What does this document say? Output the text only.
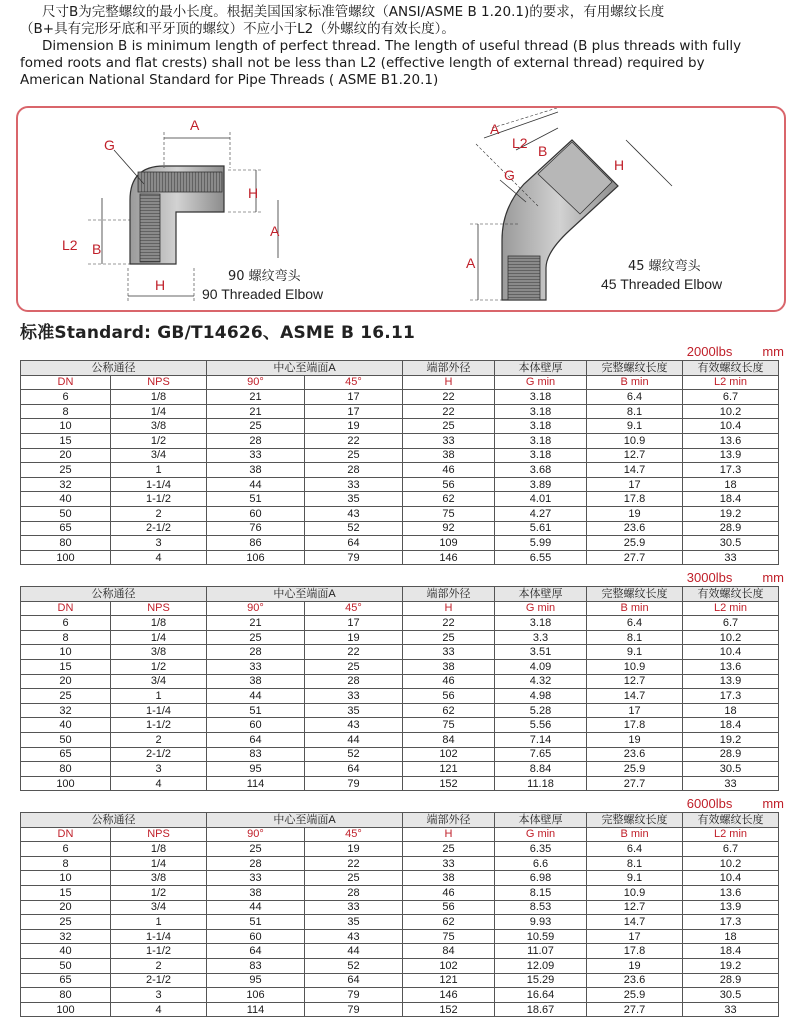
尺寸B为完整螺纹的最小长度。根据美国国家标准管螺纹（ANSI/ASME B 1.20.1)的要求，有用螺纹长度

（B+具有完形牙底和平牙顶的螺纹）不应小于L2（外螺纹的有效长度）。

Dimension B is minimum length of perfect thread. The length of useful thread (B plus threads with fully

fomed roots and flat crests) shall not be less than L2 (effective length of external thread) required by

American National Standard for Pipe Threads ( ASME B1.20.1)

A
G
H
A
L2 B
H
90 螺纹弯头
90 Threaded Elbow
A
L2 B
G
H
A	45 螺纹弯头
45 Threaded Elbow
标准Standard: GB/T14626、ASME B 16.11
2000lbs mm
公称通径		中心至端面A		端部外径	本体壁厚	完整螺纹长度	有效螺纹长度
DN	NPS	90°	45°	H	G min	B min	L2 min
6	1/8	21	17	22	3.18	6.4	6.7
8	1/4	21	17	22	3.18	8.1	10.2
10	3/8	25	19	25	3.18	9.1	10.4
15	1/2	28	22	33	3.18	10.9	13.6
20	3/4	33	25	38	3.18	12.7	13.9
25	1	38	28	46	3.68	14.7	17.3
32	1-1/4	44	33	56	3.89	17	18
40	1-1/2	51	35	62	4.01	17.8	18.4
50	2	60	43	75	4.27	19	19.2
65	2-1/2	76	52	92	5.61	23.6	28.9
80	3	86	64	109	5.99	25.9	30.5
100	4	106	79	146	6.55	27.7	33
3000lbs mm
公称通径		中心至端面A		端部外径	本体壁厚	完整螺纹长度	有效螺纹长度
DN	NPS	90°	45°	H	G min	B min	L2 min
6	1/8	21	17	22	3.18	6.4	6.7
8	1/4	25	19	25	3.3	8.1	10.2
10	3/8	28	22	33	3.51	9.1	10.4
15	1/2	33	25	38	4.09	10.9	13.6
20	3/4	38	28	46	4.32	12.7	13.9
25	1	44	33	56	4.98	14.7	17.3
32	1-1/4	51	35	62	5.28	17	18
40	1-1/2	60	43	75	5.56	17.8	18.4
50	2	64	44	84	7.14	19	19.2
65	2-1/2	83	52	102	7.65	23.6	28.9
80	3	95	64	121	8.84	25.9	30.5
100	4	114	79	152	11.18	27.7	33
6000lbs mm
公称通径		中心至端面A		端部外径	本体壁厚	完整螺纹长度	有效螺纹长度
DN	NPS	90°	45°	H	G min	B min	L2 min
6	1/8	25	19	25	6.35	6.4	6.7
8	1/4	28	22	33	6.6	8.1	10.2
10	3/8	33	25	38	6.98	9.1	10.4
15	1/2	38	28	46	8.15	10.9	13.6
20	3/4	44	33	56	8.53	12.7	13.9
25	1	51	35	62	9.93	14.7	17.3
32	1-1/4	60	43	75	10.59	17	18
40	1-1/2	64	44	84	11.07	17.8	18.4
50	2	83	52	102	12.09	19	19.2
65	2-1/2	95	64	121	15.29	23.6	28.9
80	3	106	79	146	16.64	25.9	30.5
100	4	114	79	152	18.67	27.7	33
